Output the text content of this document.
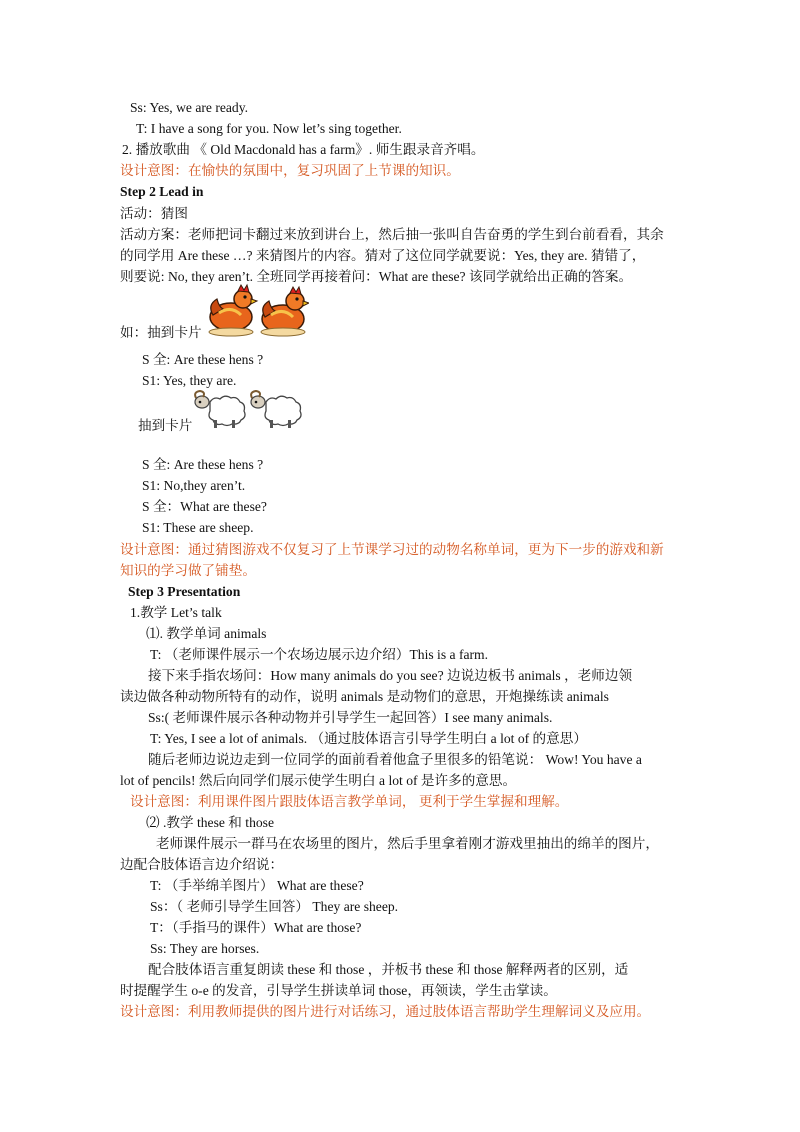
Ss: Yes, we are ready.
T: I have a song for you. Now let’s sing together.
2. 播放歌曲 《 Old Macdonald has a farm》. 师生跟录音齐唱。
设计意图：在愉快的氛围中，复习巩固了上节课的知识。
Step 2 Lead in
活动：猜图
活动方案：老师把词卡翻过来放到讲台上，然后抽一张叫自告奋勇的学生到台前看看，其余
的同学用 Are these …? 来猜图片的内容。猜对了这位同学就要说：Yes, they are. 猜错了，
则要说: No, they aren’t. 全班同学再接着问：What are these? 该同学就给出正确的答案。
如：抽到卡片
S 全: Are these hens ?
S1: Yes, they are.
抽到卡片
S 全: Are these hens ?
S1: No,they aren’t.
S 全：What are these?
S1: These are sheep.
设计意图：通过猜图游戏不仅复习了上节课学习过的动物名称单词，更为下一步的游戏和新
知识的学习做了铺垫。
Step 3 Presentation
1.教学 Let’s talk
⑴. 教学单词 animals
T: （老师课件展示一个农场边展示边介绍）This is a farm.
接下来手指农场问：How many animals do you see? 边说边板书 animals ，老师边领
读边做各种动物所特有的动作，说明 animals 是动物们的意思，开炮操练读 animals
Ss:( 老师课件展示各种动物并引导学生一起回答）I see many animals.
T: Yes, I see a lot of animals. （通过肢体语言引导学生明白 a lot of 的意思）
随后老师边说边走到一位同学的面前看着他盒子里很多的铅笔说： Wow! You have a
lot of pencils! 然后向同学们展示使学生明白 a lot of 是许多的意思。
设计意图：利用课件图片跟肢体语言教学单词， 更利于学生掌握和理解。
⑵ .教学 these 和 those
老师课件展示一群马在农场里的图片，然后手里拿着刚才游戏里抽出的绵羊的图片，
边配合肢体语言边介绍说：
T: （手举绵羊图片） What are these?
Ss：（ 老师引导学生回答） They are sheep.
T：（手指马的课件）What are those?
Ss: They are horses.
配合肢体语言重复朗读 these 和 those ，并板书 these 和 those 解释两者的区别，适
时提醒学生 o-e 的发音，引导学生拼读单词 those，再领读，学生击掌读。
设计意图：利用教师提供的图片进行对话练习，通过肢体语言帮助学生理解词义及应用。
